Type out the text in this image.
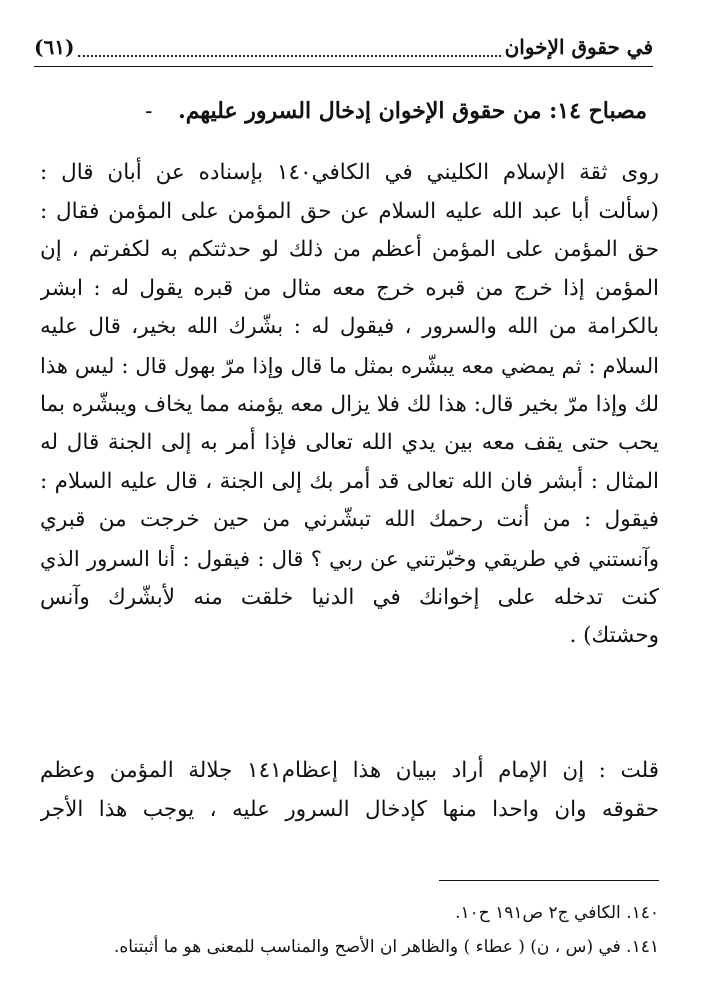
في حقوق الإخوان
(٦١)
مصباح ١٤: من حقوق الإخوان إدخال السرور عليهم. -
روى ثقة الإسلام الكليني في الكافي١٤٠ بإسناده عن أبان قال :
(سألت أبا عبد الله عليه السلام عن حق المؤمن على المؤمن فقال :
حق المؤمن على المؤمن أعظم من ذلك لو حدثتكم به لكفرتم ، إن
المؤمن إذا خرج من قبره خرج معه مثال من قبره يقول له : ابشر
بالكرامة من الله والسرور ، فيقول له : بشّرك الله بخير، قال عليه
السلام : ثم يمضي معه يبشّره بمثل ما قال وإذا مرّ بهول قال : ليس هذا
لك وإذا مرّ بخير قال: هذا لك فلا يزال معه يؤمنه مما يخاف ويبشّره بما
يحب حتى يقف معه بين يدي الله تعالى فإذا أمر به إلى الجنة قال له
المثال : أبشر فان الله تعالى قد أمر بك إلى الجنة ، قال عليه السلام :
فيقول : من أنت رحمك الله تبشّرني من حين خرجت من قبري
وآنستني في طريقي وخبّرتني عن ربي ؟ قال : فيقول : أنا السرور الذي
كنت تدخله على إخوانك في الدنيا خلقت منه لأبشّرك وآنس
وحشتك) .
قلت : إن الإمام أراد ببيان هذا إعظام١٤١ جلالة المؤمن وعظم
حقوقه وان واحدا منها كإدخال السرور عليه ، يوجب هذا الأجر
١٤٠. الكافي ج٢ ص١٩١ ح١٠.
١٤١. في (س ، ن) ( عطاء ) والظاهر ان الأصح والمناسب للمعنى هو ما أثبتناه.
